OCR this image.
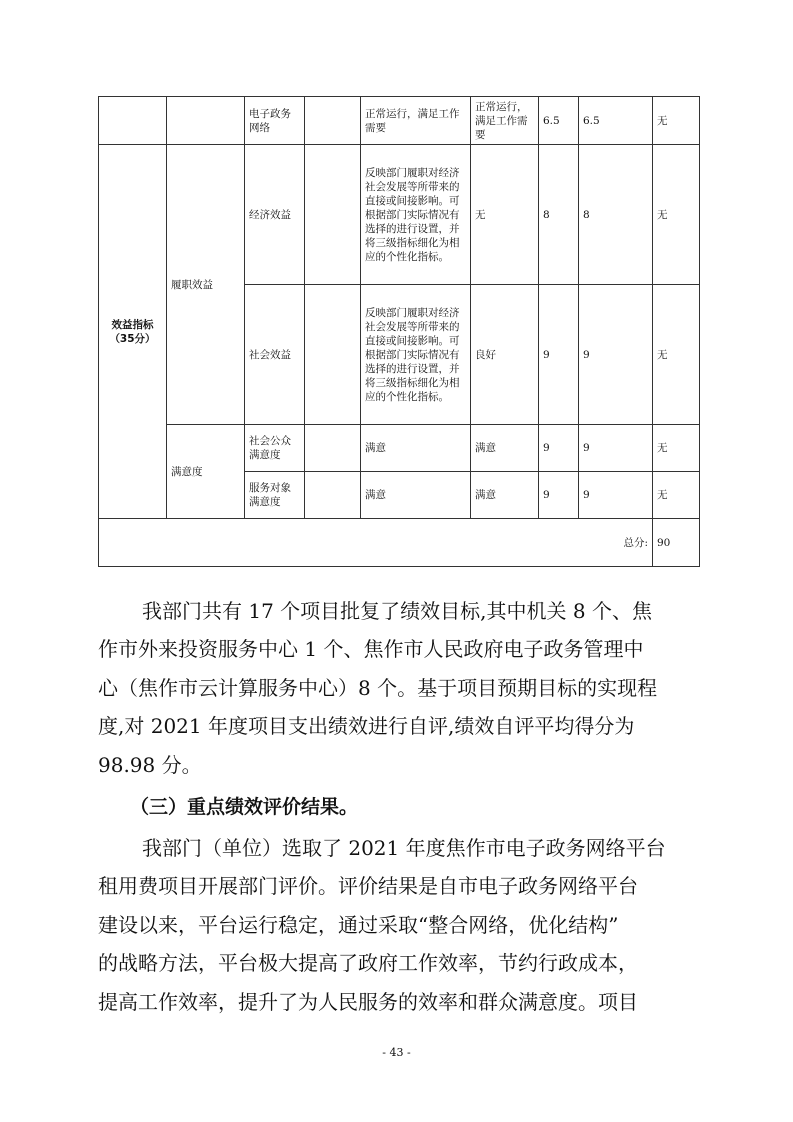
		电子政务网络		正常运行，满足工作需要	正常运行，满足工作需要	6.5	6.5	无
效益指标（35分）	履职效益	经济效益		反映部门履职对经济社会发展等所带来的直接或间接影响。可根据部门实际情况有选择的进行设置，并将三级指标细化为相应的个性化指标。	无	8	8	无
		社会效益		反映部门履职对经济社会发展等所带来的直接或间接影响。可根据部门实际情况有选择的进行设置，并将三级指标细化为相应的个性化指标。	良好	9	9	无
	满意度	社会公众满意度		满意	满意	9	9	无
		服务对象满意度		满意	满意	9	9	无
总分:								90
我部门共有 17 个项目批复了绩效目标,其中机关 8 个、焦
作市外来投资服务中心 1 个、焦作市人民政府电子政务管理中
心（焦作市云计算服务中心）8 个。基于项目预期目标的实现程
度,对 2021 年度项目支出绩效进行自评,绩效自评平均得分为
98.98 分。
（三）重点绩效评价结果。
我部门（单位）选取了 2021 年度焦作市电子政务网络平台
租用费项目开展部门评价。评价结果是自市电子政务网络平台
建设以来，平台运行稳定，通过采取“整合网络，优化结构”
的战略方法，平台极大提高了政府工作效率，节约行政成本，
提高工作效率，提升了为人民服务的效率和群众满意度。项目
- 43 -
